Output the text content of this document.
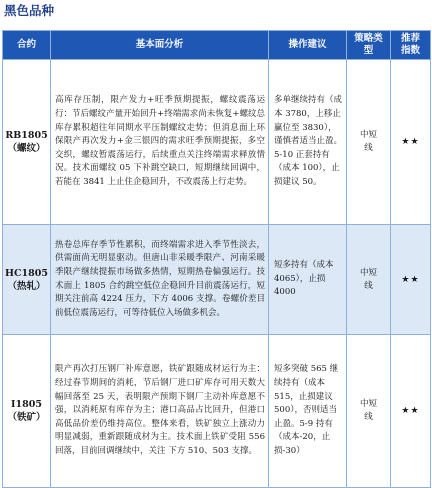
黑色品种
合约	基本面分析	操作建议	策略类型	推荐指数

RB1805
（螺纹）	高库存压制，限产发力+旺季预期提振，螺纹震荡运行：节后螺纹产量开始回升+终端需求尚未恢复+螺纹总库存累积超往年同期水平压制螺纹走势；但消息面上环保限产再次发力+金三银四的需求旺季预期提振，多空交织，螺纹暂震荡运行，后续重点关注终端需求释放情况。技术面螺纹 05 下补跳空缺口，短期继续回调中，若能在 3841 上止住企稳回升，不改震荡上行走势。	多单继续持有（成本 3780，上移止赢位至 3830），谨慎者适当止盈。5-10 正套持有（成本 100），止损建议 50。	中短线	★★

HC1805
（热轧）	热卷总库存季节性累积，而终端需求进入季节性淡去，供需面尚无明显驱动。但唐山非采暖季限产、河南采暖季限产继续提振市场做多热情，短期热卷偏强运行。技术面上 1805 合约跳空低位企稳回升目前震荡运行，短期关注前高 4224 压力，下方 4006 支撑。卷螺价差目前低位震荡运行，可等待低位入场做多机会。	短多持有（成本 4065），止损 4000	中短线	★★

I1805
（铁矿）	限产再次打压钢厂补库意愿，铁矿跟随成材运行为主：经过春节期间的消耗，节后钢厂进口矿库存可用天数大幅回落至 25 天，表明限产预期下钢厂主动补库意愿不强，以消耗原有库存为主；港口高品占比回升，但港口高低品价差仍维持高位。整体来看，铁矿独立上涨动力明显减弱，重新跟随成材为主。技术面上铁矿受阻 556 回落，目前回调继续中，关注 下方 510、503 支撑。	短多突破 565 继续持有（成本 515，止损建议 500），否则适当止盈。5-9 持有（成本-20，止损-30）	中短线	★★
